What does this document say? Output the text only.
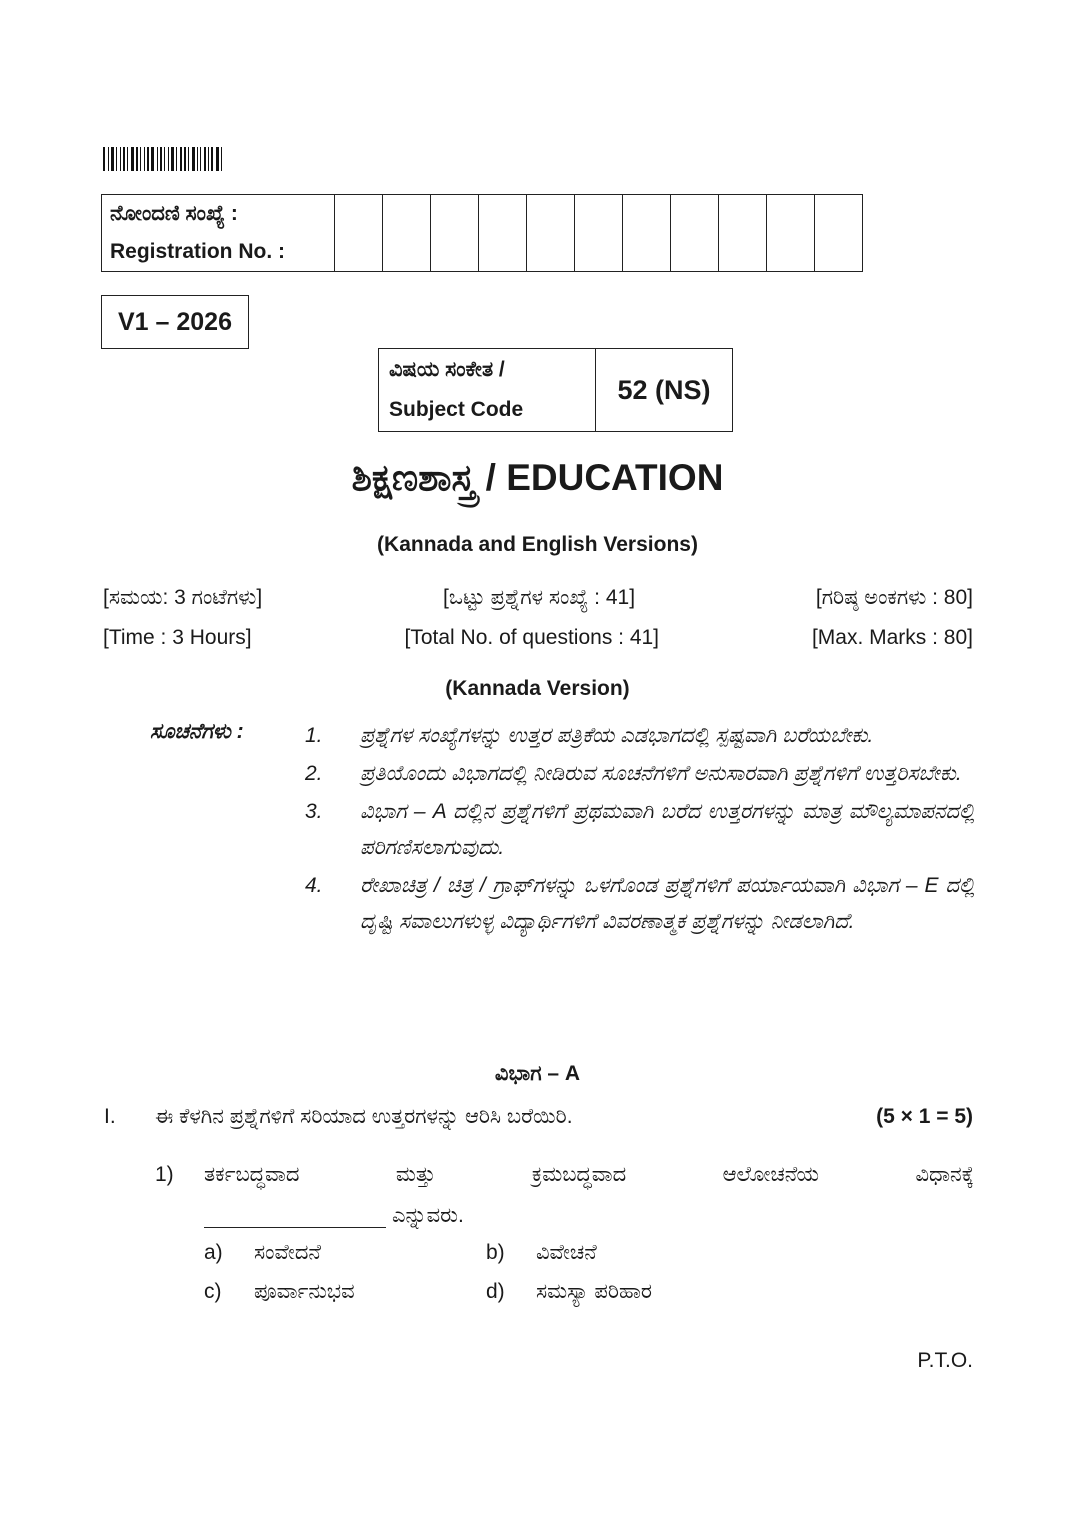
ನೋಂದಣಿ ಸಂಖ್ಯೆ :
Registration No. :

V1 – 2026
ವಿಷಯ ಸಂಕೇತ /
Subject Code
	52 (NS)
ಶಿಕ್ಷಣಶಾಸ್ತ್ರ / EDUCATION
(Kannada and English Versions)
[ಸಮಯ: 3 ಗಂಟೆಗಳು]	[ಒಟ್ಟು ಪ್ರಶ್ನೆಗಳ ಸಂಖ್ಯೆ : 41]	[ಗರಿಷ್ಠ ಅಂಕಗಳು : 80]
[Time : 3 Hours]	[Total No. of questions : 41]	[Max. Marks : 80]
(Kannada Version)
ಸೂಚನೆಗಳು :	1.	ಪ್ರಶ್ನೆಗಳ ಸಂಖ್ಯೆಗಳನ್ನು ಉತ್ತರ ಪತ್ರಿಕೆಯ ಎಡಭಾಗದಲ್ಲಿ ಸ್ಪಷ್ಟವಾಗಿ ಬರೆಯಬೇಕು.
2.	ಪ್ರತಿಯೊಂದು ವಿಭಾಗದಲ್ಲಿ ನೀಡಿರುವ ಸೂಚನೆಗಳಿಗೆ ಅನುಸಾರವಾಗಿ ಪ್ರಶ್ನೆಗಳಿಗೆ ಉತ್ತರಿಸಬೇಕು.
3.	ವಿಭಾಗ – A ದಲ್ಲಿನ ಪ್ರಶ್ನೆಗಳಿಗೆ ಪ್ರಥಮವಾಗಿ ಬರೆದ ಉತ್ತರಗಳನ್ನು ಮಾತ್ರ ಮೌಲ್ಯಮಾಪನದಲ್ಲಿ ಪರಿಗಣಿಸಲಾಗುವುದು.
4.	ರೇಖಾಚಿತ್ರ / ಚಿತ್ರ / ಗ್ರಾಫ್‌ಗಳನ್ನು ಒಳಗೊಂಡ ಪ್ರಶ್ನೆಗಳಿಗೆ ಪರ್ಯಾಯವಾಗಿ ವಿಭಾಗ – E ದಲ್ಲಿ ದೃಷ್ಟಿ ಸವಾಲುಗಳುಳ್ಳ ವಿದ್ಯಾರ್ಥಿಗಳಿಗೆ ವಿವರಣಾತ್ಮಕ ಪ್ರಶ್ನೆಗಳನ್ನು ನೀಡಲಾಗಿದೆ.
ವಿಭಾಗ – A
I. ಈ ಕೆಳಗಿನ ಪ್ರಶ್ನೆಗಳಿಗೆ ಸರಿಯಾದ ಉತ್ತರಗಳನ್ನು ಆರಿಸಿ ಬರೆಯಿರಿ.	(5 × 1 = 5)
1) ತರ್ಕಬದ್ಧವಾದ ಮತ್ತು ಕ್ರಮಬದ್ಧವಾದ ಆಲೋಚನೆಯ ವಿಧಾನಕ್ಕೆ
ಎನ್ನುವರು.
a)	ಸಂವೇದನೆ	b)	ವಿವೇಚನೆ
c)	ಪೂರ್ವಾನುಭವ	d)	ಸಮಸ್ಯಾ ಪರಿಹಾರ
P.T.O.
